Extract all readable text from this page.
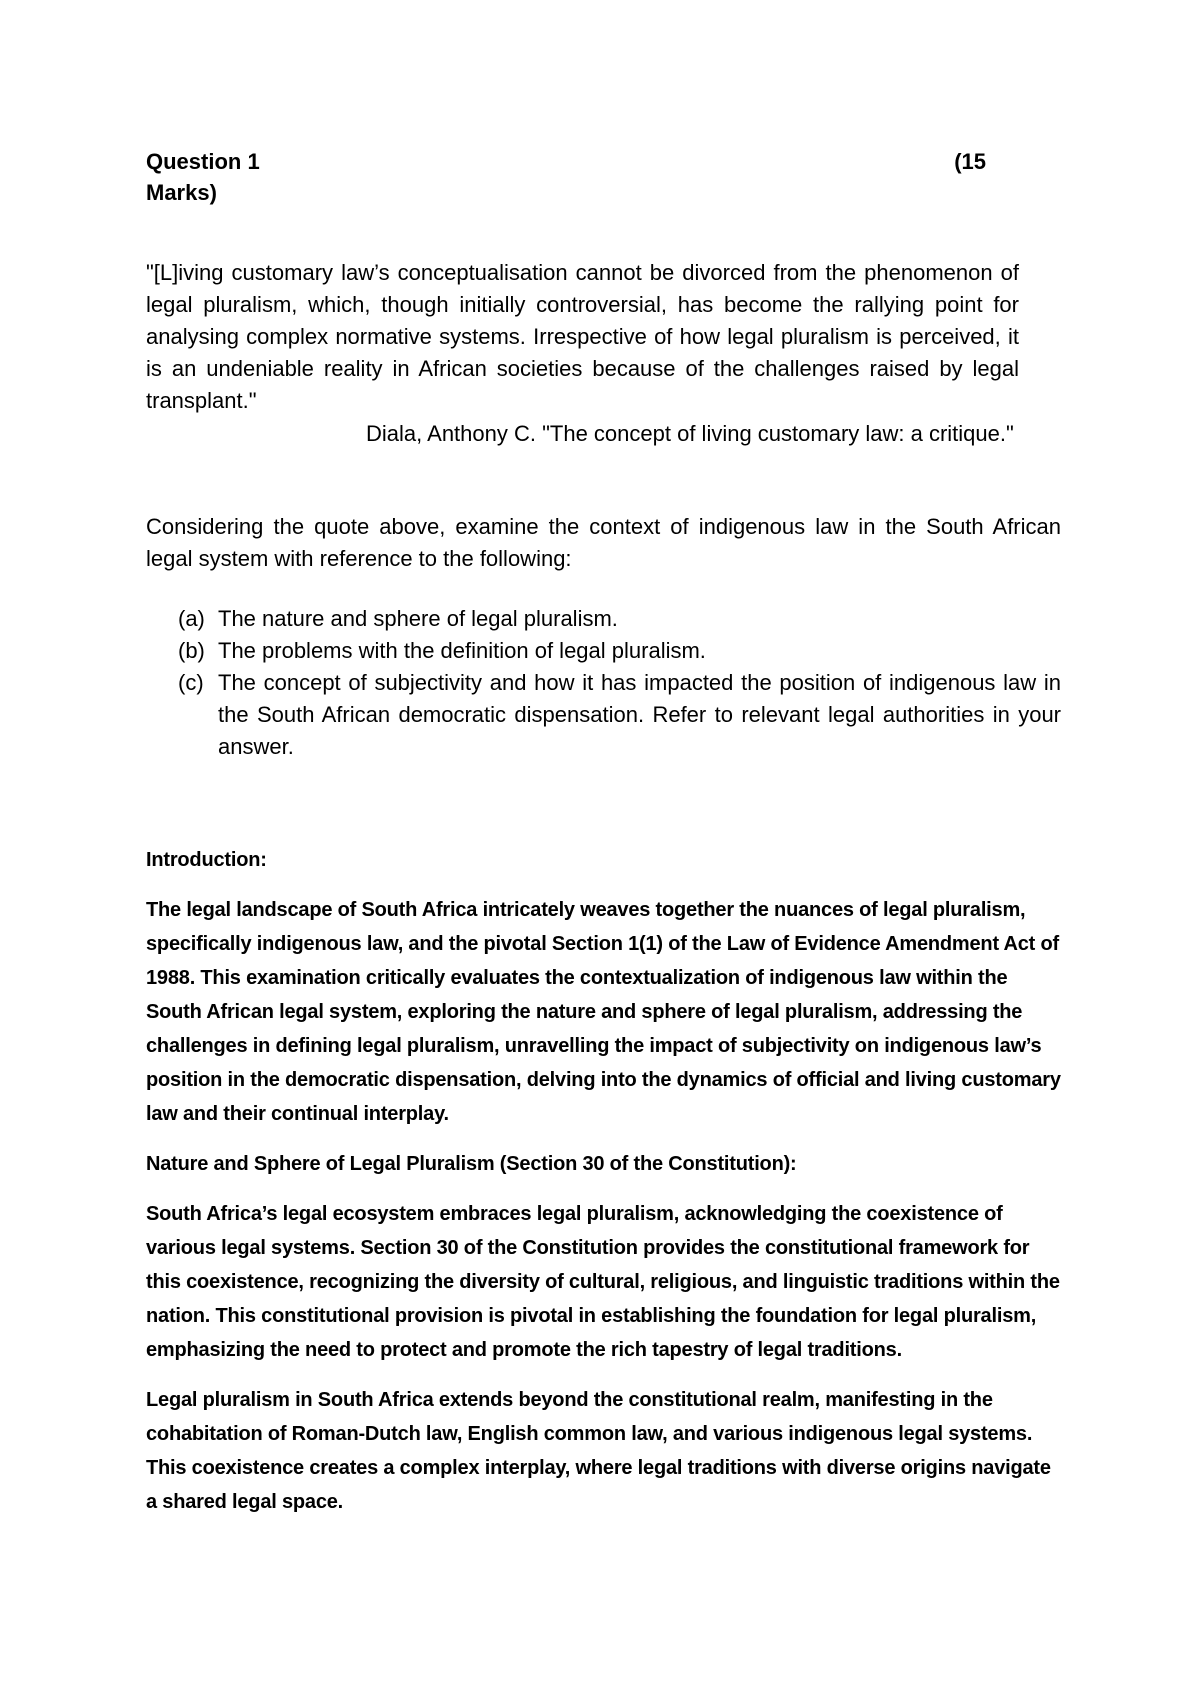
Question 1	(15
Marks)

"[L]iving customary law’s conceptualisation cannot be divorced from the phenomenon of legal pluralism, which, though initially controversial, has become the rallying point for analysing complex normative systems. Irrespective of how legal pluralism is perceived, it is an undeniable reality in African societies because of the challenges raised by legal transplant."

Diala, Anthony C. "The concept of living customary law: a critique."

Considering the quote above, examine the context of indigenous law in the South African legal system with reference to the following:

(a) The nature and sphere of legal pluralism.
(b) The problems with the definition of legal pluralism.
(c) The concept of subjectivity and how it has impacted the position of indigenous law in the South African democratic dispensation. Refer to relevant legal authorities in your answer.

Introduction:

The legal landscape of South Africa intricately weaves together the nuances of legal pluralism, specifically indigenous law, and the pivotal Section 1(1) of the Law of Evidence Amendment Act of 1988. This examination critically evaluates the contextualization of indigenous law within the South African legal system, exploring the nature and sphere of legal pluralism, addressing the challenges in defining legal pluralism, unravelling the impact of subjectivity on indigenous law’s position in the democratic dispensation, delving into the dynamics of official and living customary law and their continual interplay.

Nature and Sphere of Legal Pluralism (Section 30 of the Constitution):

South Africa’s legal ecosystem embraces legal pluralism, acknowledging the coexistence of various legal systems. Section 30 of the Constitution provides the constitutional framework for this coexistence, recognizing the diversity of cultural, religious, and linguistic traditions within the nation. This constitutional provision is pivotal in establishing the foundation for legal pluralism, emphasizing the need to protect and promote the rich tapestry of legal traditions.

Legal pluralism in South Africa extends beyond the constitutional realm, manifesting in the cohabitation of Roman-Dutch law, English common law, and various indigenous legal systems. This coexistence creates a complex interplay, where legal traditions with diverse origins navigate a shared legal space.
